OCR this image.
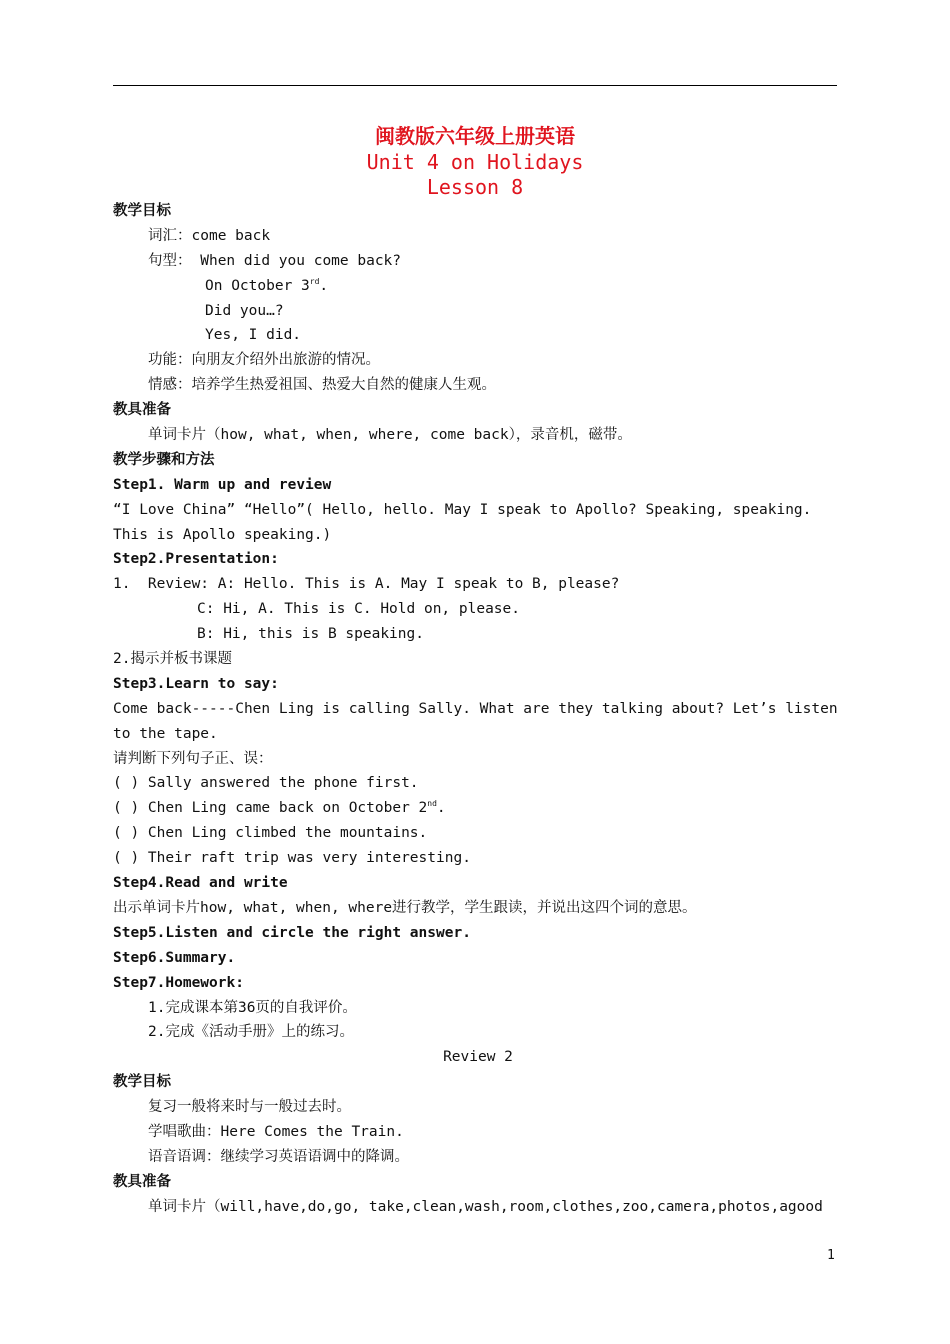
闽教版六年级上册英语
Unit 4 on Holidays
Lesson 8
教学目标
词汇：come back
句型： When did you come back?
On October 3rd.
Did you…?
Yes, I did.
功能：向朋友介绍外出旅游的情况。
情感：培养学生热爱祖国、热爱大自然的健康人生观。
教具准备
单词卡片（how, what, when, where, come back），录音机，磁带。
教学步骤和方法
Step1. Warm up and review
“I Love China” “Hello”( Hello, hello. May I speak to Apollo? Speaking, speaking.
This is Apollo speaking.)
Step2.Presentation:
1.  Review: A: Hello. This is A. May I speak to B, please?
C: Hi, A. This is C. Hold on, please.
B: Hi, this is B speaking.
2.揭示并板书课题
Step3.Learn to say:
Come back-----Chen Ling is calling Sally. What are they talking about? Let’s listen
to the tape.
请判断下列句子正、误：
( ) Sally answered the phone first.
( ) Chen Ling came back on October 2nd.
( ) Chen Ling climbed the mountains.
( ) Their raft trip was very interesting.
Step4.Read and write
出示单词卡片how, what, when, where进行教学，学生跟读，并说出这四个词的意思。
Step5.Listen and circle the right answer.
Step6.Summary.
Step7.Homework:
1.完成课本第36页的自我评价。
2.完成《活动手册》上的练习。
Review 2
教学目标
复习一般将来时与一般过去时。
学唱歌曲：Here Comes the Train.
语音语调：继续学习英语语调中的降调。
教具准备
单词卡片（will,have,do,go, take,clean,wash,room,clothes,zoo,camera,photos,agood
1
